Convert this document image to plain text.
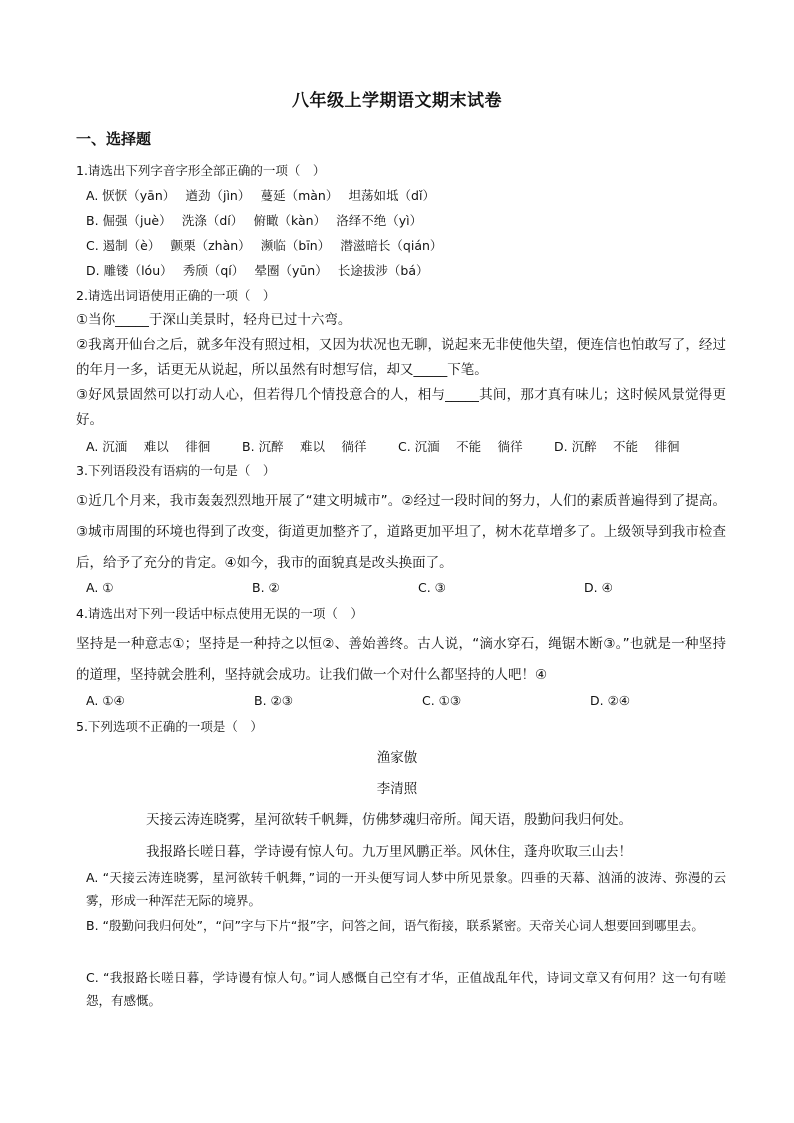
八年级上学期语文期末试卷
一、选择题
1.请选出下列字音字形全部正确的一项（　）
A. 恹恹（yān）　 遒劲（jìn）　 蔓延（màn）　 坦荡如坻（dǐ）
B. 倔强（juè）　 洗涤（dí）　 俯瞰（kàn）　 洛绎不绝（yì）
C. 遏制（è）　 颤栗（zhàn）　 濒临（bīn）　 潜滋暗长（qián）
D. 雕镂（lóu）　 秀颀（qí）　 晕圈（yūn）　 长途拔涉（bá）
2.请选出词语使用正确的一项（　）
①当你_____于深山美景时，轻舟已过十六弯。
②我离开仙台之后，就多年没有照过相，又因为状况也无聊，说起来无非使他失望，便连信也怕敢写了，经过的年月一多，话更无从说起，所以虽然有时想写信，却又_____下笔。
③好风景固然可以打动人心，但若得几个情投意合的人，相与_____其间，那才真有味儿；这时候风景觉得更好。
A. 沉湎　 难以　 徘徊	B. 沉醉　 难以　 徜徉	C. 沉湎　 不能　 徜徉	D. 沉醉　 不能　 徘徊
3.下列语段没有语病的一句是（　）
①近几个月来，我市轰轰烈烈地开展了“建文明城市”。②经过一段时间的努力，人们的素质普遍得到了提高。③城市周围的环境也得到了改变，街道更加整齐了，道路更加平坦了，树木花草增多了。上级领导到我市检查后，给予了充分的肯定。④如今，我市的面貌真是改头换面了。
A. ①	B. ②	C. ③	D. ④
4.请选出对下列一段话中标点使用无误的一项（　）
坚持是一种意志①；坚持是一种持之以恒②、善始善终。古人说，“滴水穿石，绳锯木断③。”也就是一种坚持的道理，坚持就会胜利，坚持就会成功。让我们做一个对什么都坚持的人吧！④
A. ①④	B. ②③	C. ①③	D. ②④
5.下列选项不正确的一项是（　）
渔家傲
李清照
天接云涛连晓雾，星河欲转千帆舞，仿佛梦魂归帝所。闻天语，殷勤问我归何处。
我报路长嗟日暮，学诗谩有惊人句。九万里风鹏正举。风休住，蓬舟吹取三山去！
A. “天接云涛连晓雾，星河欲转千帆舞，”词的一开头便写词人梦中所见景象。四垂的天幕、汹涌的波涛、弥漫的云雾，形成一种浑茫无际的境界。
B. “殷勤问我归何处”，“问”字与下片“报”字，问答之间，语气衔接，联系紧密。天帝关心词人想要回到哪里去。
C. “我报路长嗟日暮，学诗谩有惊人句。”词人感慨自己空有才华，正值战乱年代，诗词文章又有何用？这一句有嗟怨，有感慨。
